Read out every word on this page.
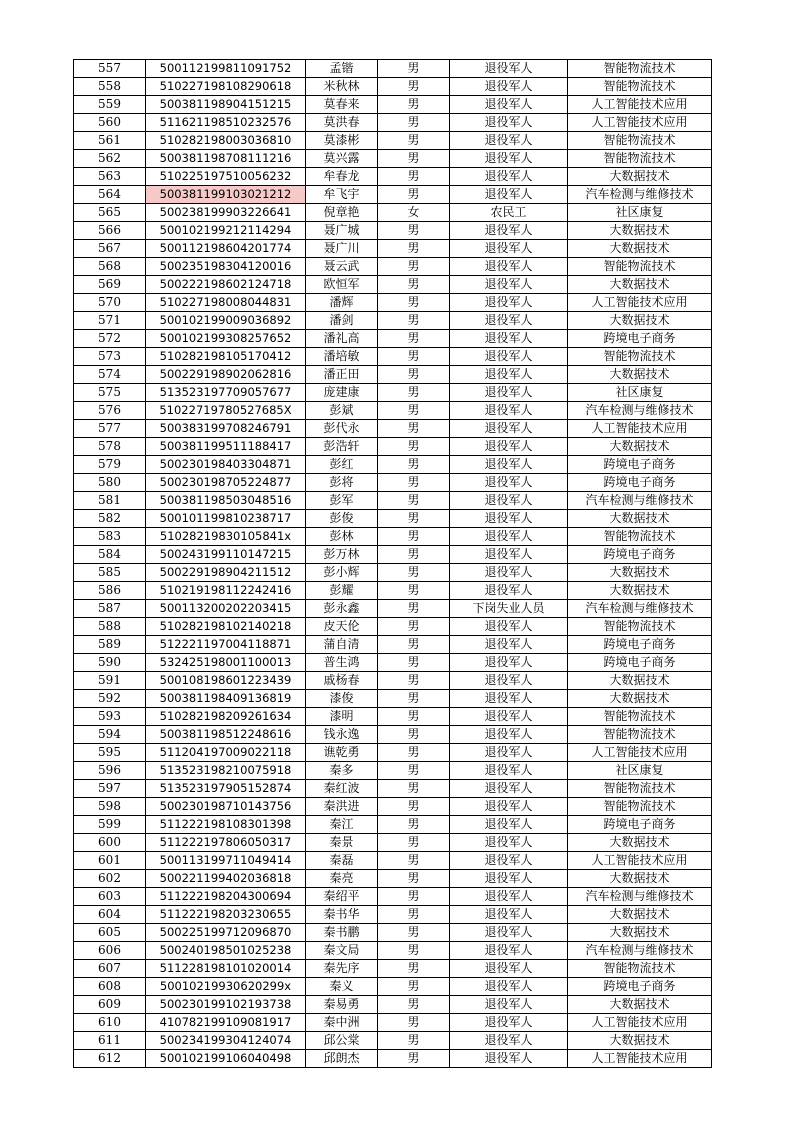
557	500112199811091752	孟锴	男	退役军人	智能物流技术
558	510227198108290618	米秋林	男	退役军人	智能物流技术
559	500381198904151215	莫春来	男	退役军人	人工智能技术应用
560	511621198510232576	莫洪春	男	退役军人	人工智能技术应用
561	510282198003036810	莫漆彬	男	退役军人	智能物流技术
562	500381198708111216	莫兴露	男	退役军人	智能物流技术
563	510225197510056232	牟春龙	男	退役军人	大数据技术
564	500381199103021212	牟飞宇	男	退役军人	汽车检测与维修技术
565	500238199903226641	倪章艳	女	农民工	社区康复
566	500102199212114294	聂广城	男	退役军人	大数据技术
567	500112198604201774	聂广川	男	退役军人	大数据技术
568	500235198304120016	聂云武	男	退役军人	智能物流技术
569	500222198602124718	欧恒军	男	退役军人	大数据技术
570	510227198008044831	潘辉	男	退役军人	人工智能技术应用
571	500102199009036892	潘剑	男	退役军人	大数据技术
572	500102199308257652	潘礼高	男	退役军人	跨境电子商务
573	510282198105170412	潘培敏	男	退役军人	智能物流技术
574	500229198902062816	潘正田	男	退役军人	大数据技术
575	513523197709057677	庞建康	男	退役军人	社区康复
576	51022719780527685X	彭斌	男	退役军人	汽车检测与维修技术
577	500383199708246791	彭代永	男	退役军人	人工智能技术应用
578	500381199511188417	彭浩轩	男	退役军人	大数据技术
579	500230198403304871	彭红	男	退役军人	跨境电子商务
580	500230198705224877	彭将	男	退役军人	跨境电子商务
581	500381198503048516	彭军	男	退役军人	汽车检测与维修技术
582	500101199810238717	彭俊	男	退役军人	大数据技术
583	51028219830105841x	彭林	男	退役军人	智能物流技术
584	500243199110147215	彭万林	男	退役军人	跨境电子商务
585	500229198904211512	彭小辉	男	退役军人	大数据技术
586	510219198112242416	彭耀	男	退役军人	大数据技术
587	500113200202203415	彭永鑫	男	下岗失业人员	汽车检测与维修技术
588	510282198102140218	皮天伦	男	退役军人	智能物流技术
589	512221197004118871	蒲自清	男	退役军人	跨境电子商务
590	532425198001100013	普生鸿	男	退役军人	跨境电子商务
591	500108198601223439	戚杨春	男	退役军人	大数据技术
592	500381198409136819	漆俊	男	退役军人	大数据技术
593	510282198209261634	漆明	男	退役军人	智能物流技术
594	500381198512248616	钱永逸	男	退役军人	智能物流技术
595	511204197009022118	谯乾勇	男	退役军人	人工智能技术应用
596	513523198210075918	秦多	男	退役军人	社区康复
597	513523197905152874	秦红波	男	退役军人	智能物流技术
598	500230198710143756	秦洪进	男	退役军人	智能物流技术
599	511222198108301398	秦江	男	退役军人	跨境电子商务
600	511222197806050317	秦景	男	退役军人	大数据技术
601	500113199711049414	秦磊	男	退役军人	人工智能技术应用
602	500221199402036818	秦亮	男	退役军人	大数据技术
603	511222198204300694	秦绍平	男	退役军人	汽车检测与维修技术
604	511222198203230655	秦书华	男	退役军人	大数据技术
605	500225199712096870	秦书鹏	男	退役军人	大数据技术
606	500240198501025238	秦文局	男	退役军人	汽车检测与维修技术
607	511228198101020014	秦先序	男	退役军人	智能物流技术
608	50010219930620299x	秦义	男	退役军人	跨境电子商务
609	500230199102193738	秦易勇	男	退役军人	大数据技术
610	410782199109081917	秦中洲	男	退役军人	人工智能技术应用
611	500234199304124074	邱公棠	男	退役军人	大数据技术
612	500102199106040498	邱朗杰	男	退役军人	人工智能技术应用
